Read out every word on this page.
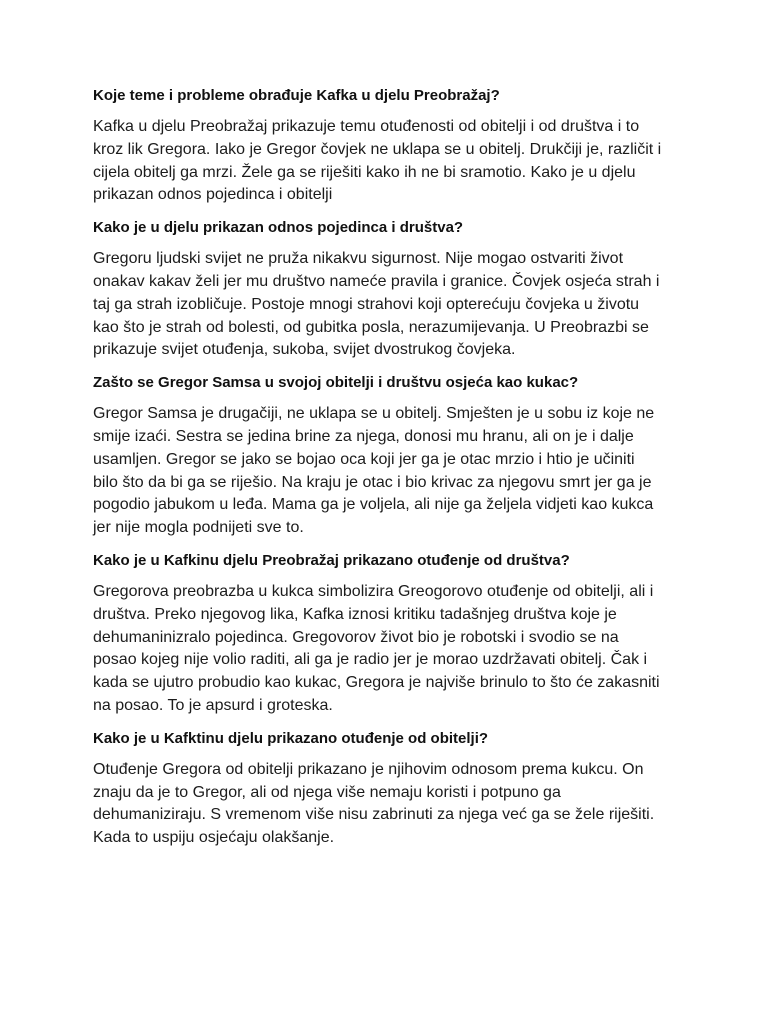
Koje teme i probleme obrađuje Kafka u djelu Preobražaj?

Kafka u djelu Preobražaj prikazuje temu otuđenosti od obitelji i od društva i to
kroz lik Gregora. Iako je Gregor čovjek ne uklapa se u obitelj. Drukčiji je, različit i
cijela obitelj ga mrzi. Žele ga se riješiti kako ih ne bi sramotio. Kako je u djelu
prikazan odnos pojedinca i obitelji

Kako je u djelu prikazan odnos pojedinca i društva?

Gregoru ljudski svijet ne pruža nikakvu sigurnost. Nije mogao ostvariti život
onakav kakav želi jer mu društvo nameće pravila i granice. Čovjek osjeća strah i
taj ga strah izobličuje. Postoje mnogi strahovi koji opterećuju čovjeka u životu
kao što je strah od bolesti, od gubitka posla, nerazumijevanja. U Preobrazbi se
prikazuje svijet otuđenja, sukoba, svijet dvostrukog čovjeka.

Zašto se Gregor Samsa u svojoj obitelji i društvu osjeća kao kukac?

Gregor Samsa je drugačiji, ne uklapa se u obitelj. Smješten je u sobu iz koje ne
smije izaći. Sestra se jedina brine za njega, donosi mu hranu, ali on je i dalje
usamljen. Gregor se jako se bojao oca koji jer ga je otac mrzio i htio je učiniti
bilo što da bi ga se riješio. Na kraju je otac i bio krivac za njegovu smrt jer ga je
pogodio jabukom u leđa. Mama ga je voljela, ali nije ga željela vidjeti kao kukca
jer nije mogla podnijeti sve to.

Kako je u Kafkinu djelu Preobražaj prikazano otuđenje od društva?

Gregorova preobrazba u kukca simbolizira Greogorovo otuđenje od obitelji, ali i
društva. Preko njegovog lika, Kafka iznosi kritiku tadašnjeg društva koje je
dehumaninizralo pojedinca. Gregovorov život bio je robotski i svodio se na
posao kojeg nije volio raditi, ali ga je radio jer je morao uzdržavati obitelj. Čak i
kada se ujutro probudio kao kukac, Gregora je najviše brinulo to što će zakasniti
na posao. To je apsurd i groteska.

Kako je u Kafktinu djelu prikazano otuđenje od obitelji?

Otuđenje Gregora od obitelji prikazano je njihovim odnosom prema kukcu. On
znaju da je to Gregor, ali od njega više nemaju koristi i potpuno ga
dehumaniziraju. S vremenom više nisu zabrinuti za njega već ga se žele riješiti.
Kada to uspiju osjećaju olakšanje.
